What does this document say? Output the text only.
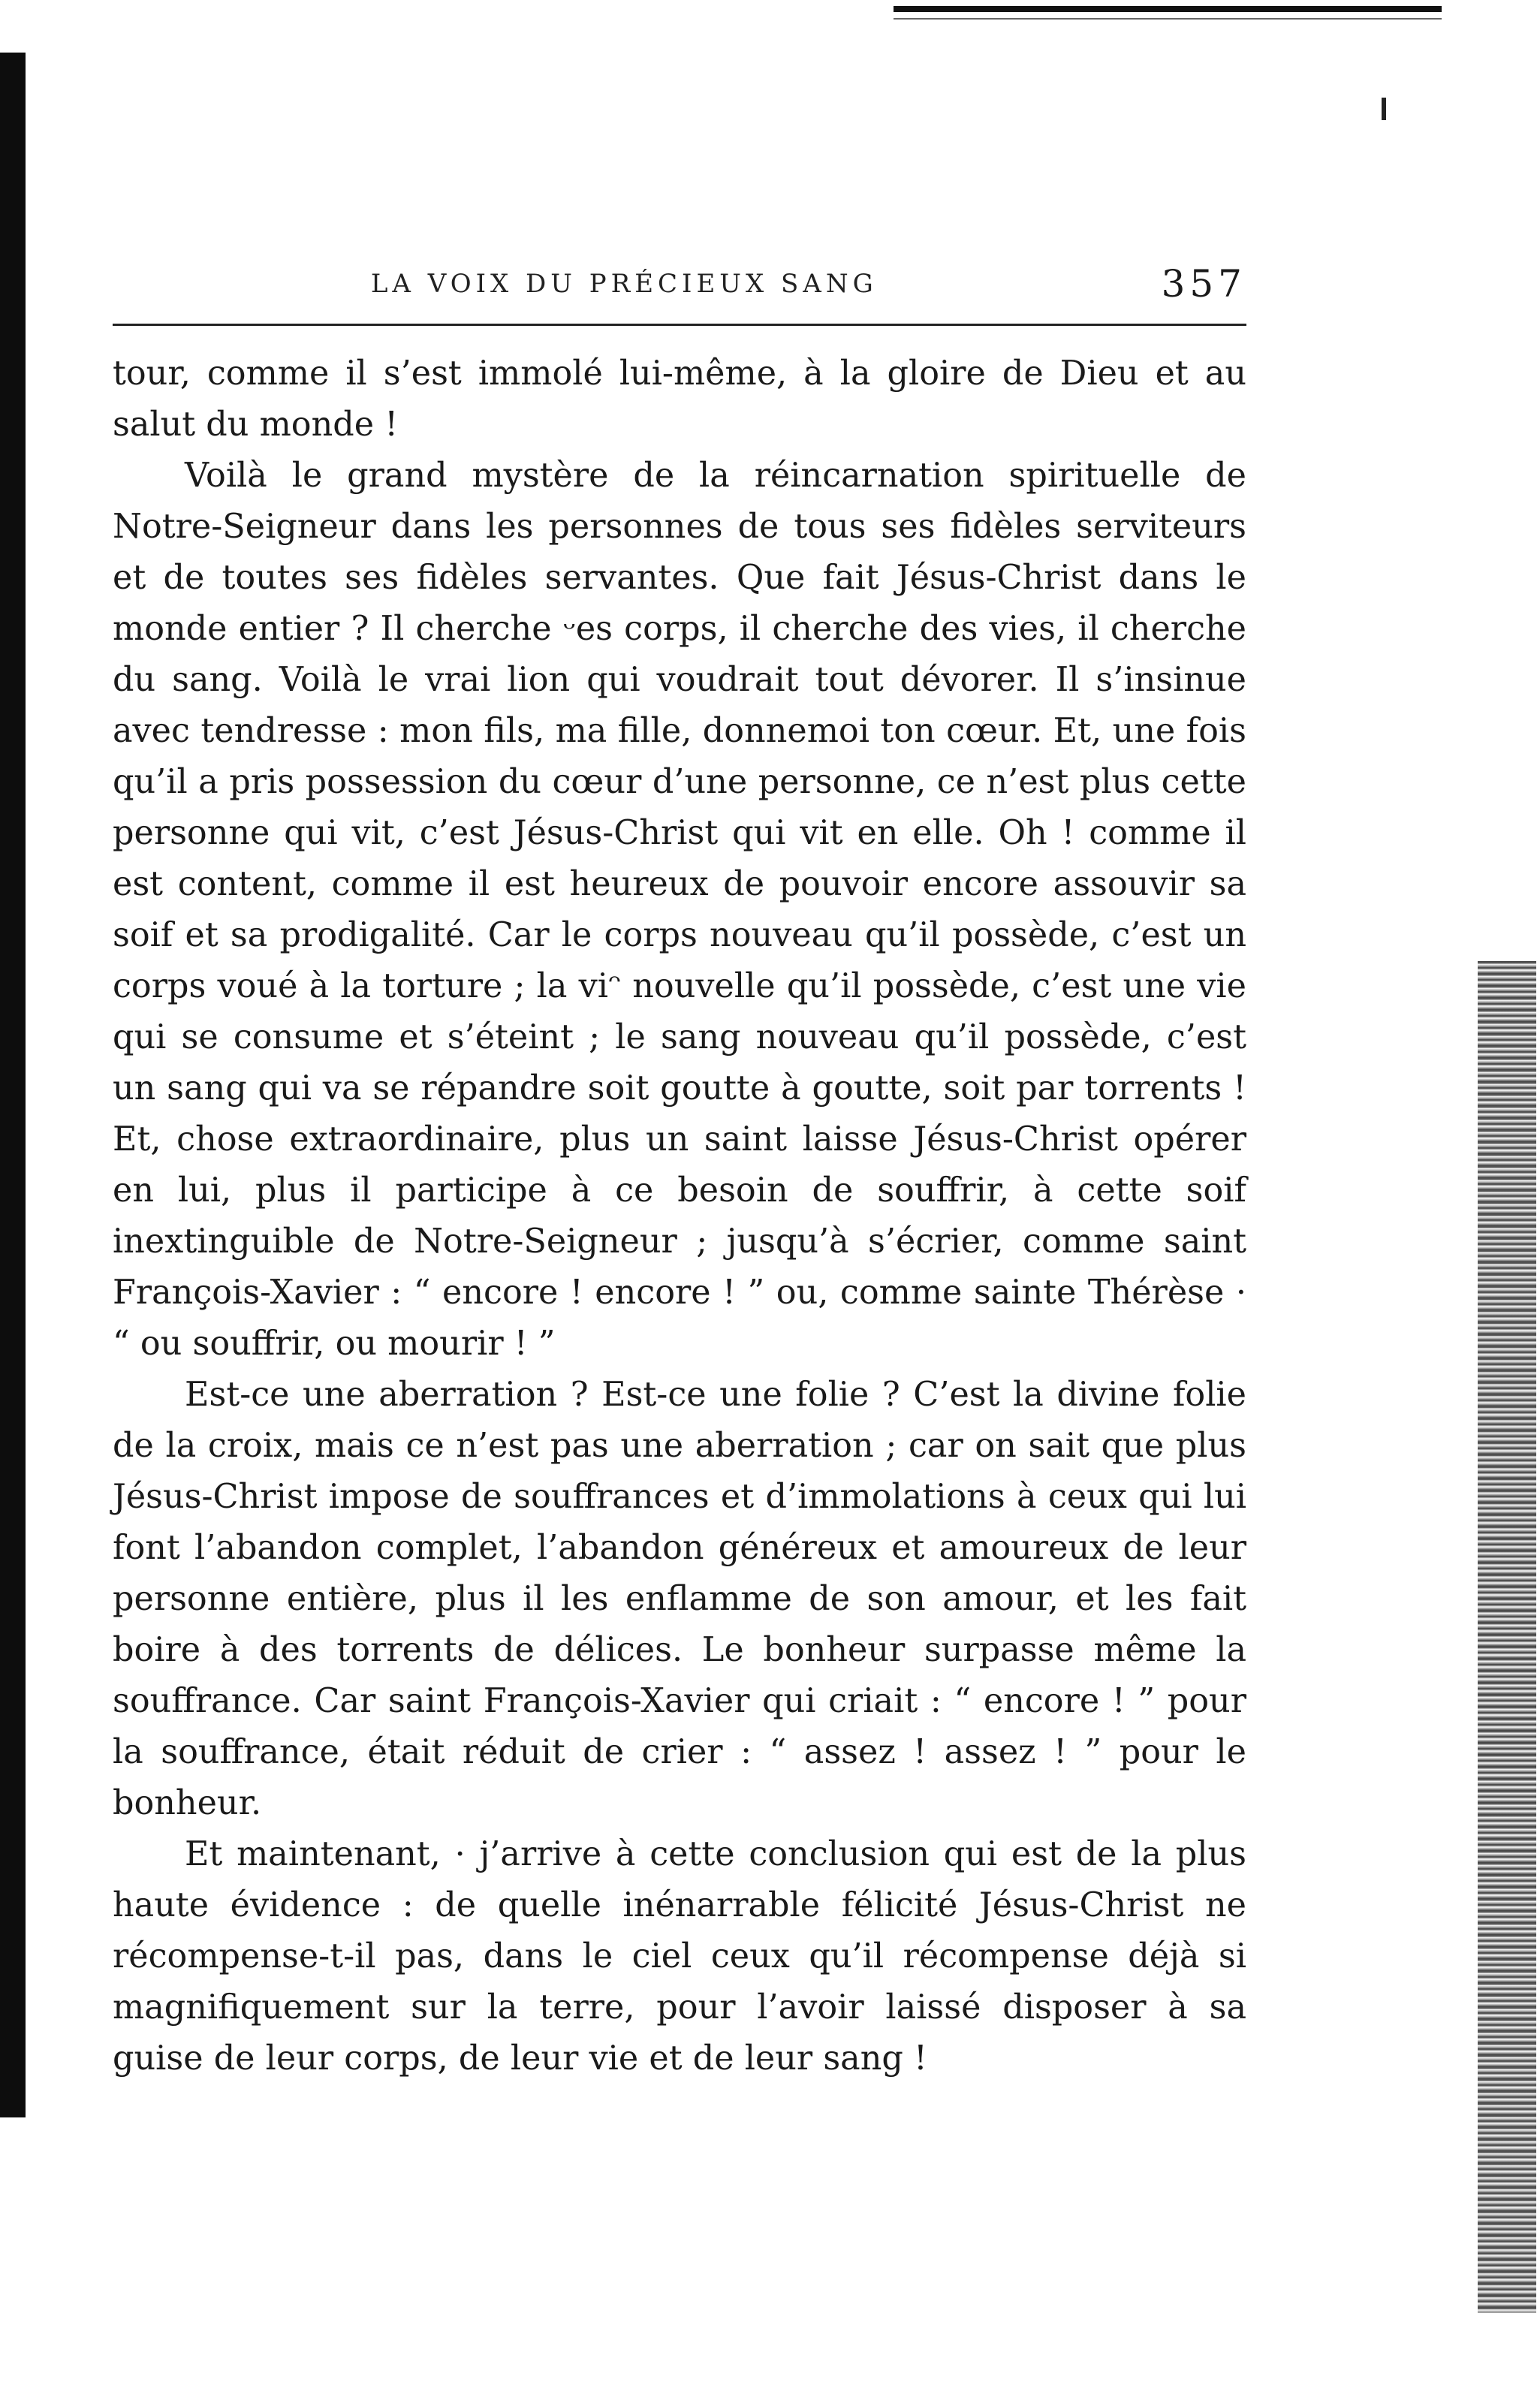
LA VOIX DU PRÉCIEUX SANG	357

tour, comme il s’est immolé lui-même, à la gloire de Dieu et au salut du monde !

Voilà le grand mystère de la réincarnation spirituelle de Notre-Seigneur dans les personnes de tous ses fidèles serviteurs et de toutes ses fidèles servantes. Que fait Jésus-Christ dans le monde entier ? Il cherche ᵕes corps, il cherche des vies, il cherche du sang. Voilà le vrai lion qui voudrait tout dévorer. Il s’insinue avec tendresse : mon fils, ma fille, donnemoi ton cœur. Et, une fois qu’il a pris possession du cœur d’une personne, ce n’est plus cette personne qui vit, c’est Jésus-Christ qui vit en elle. Oh ! comme il est content, comme il est heureux de pouvoir encore assouvir sa soif et sa prodigalité. Car le corps nouveau qu’il possède, c’est un corps voué à la torture ; la viᵔ nouvelle qu’il possède, c’est une vie qui se consume et s’éteint ; le sang nouveau qu’il possède, c’est un sang qui va se répandre soit goutte à goutte, soit par torrents ! Et, chose extraordinaire, plus un saint laisse Jésus-Christ opérer en lui, plus il participe à ce besoin de souffrir, à cette soif inextinguible de Notre-Seigneur ; jusqu’à s’écrier, comme saint François-Xavier : “ encore ! encore ! ” ou, comme sainte Thérèse · “ ou souffrir, ou mourir ! ”

Est-ce une aberration ? Est-ce une folie ? C’est la divine folie de la croix, mais ce n’est pas une aberration ; car on sait que plus Jésus-Christ impose de souffrances et d’immolations à ceux qui lui font l’abandon complet, l’abandon généreux et amoureux de leur personne entière, plus il les enflamme de son amour, et les fait boire à des torrents de délices. Le bonheur surpasse même la souffrance. Car saint François-Xavier qui criait : “ encore ! ” pour la souffrance, était réduit de crier : “ assez ! assez ! ” pour le bonheur.

Et maintenant, · j’arrive à cette conclusion qui est de la plus haute évidence : de quelle inénarrable félicité Jésus-Christ ne récompense-t-il pas, dans le ciel ceux qu’il récompense déjà si magnifiquement sur la terre, pour l’avoir laissé disposer à sa guise de leur corps, de leur vie et de leur sang !
